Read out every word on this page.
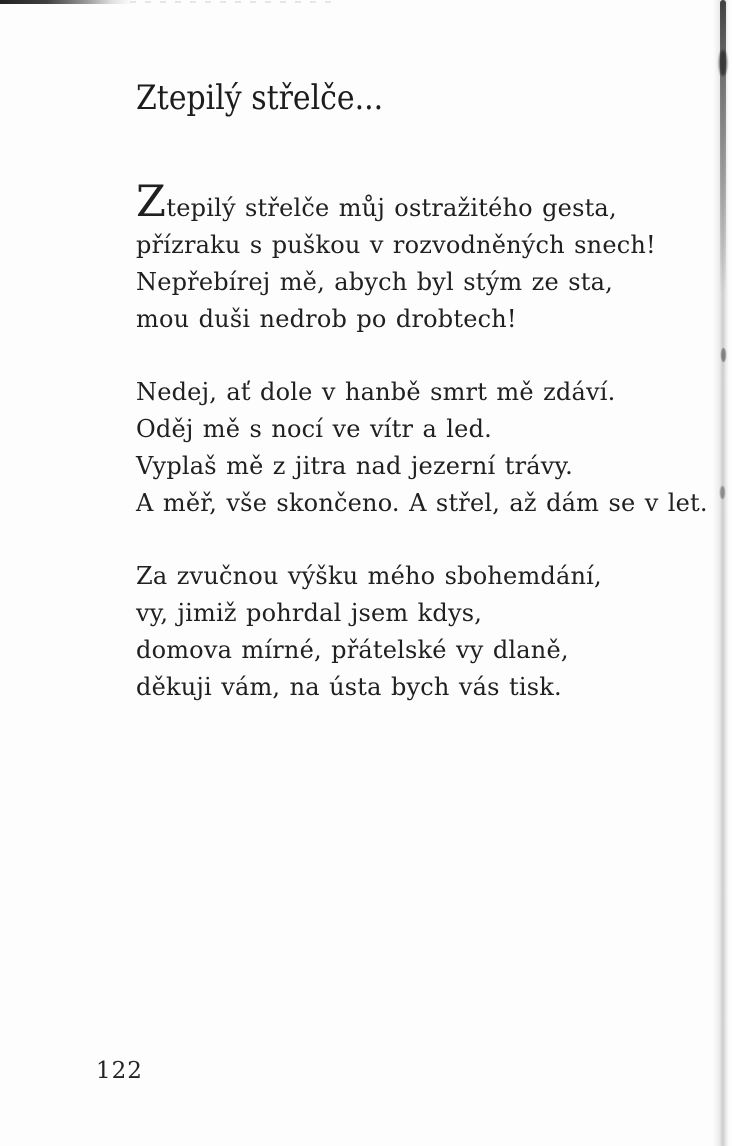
Ztepilý střelče...

Ztepilý střelče můj ostražitého gesta,

přízraku s puškou v rozvodněných snech!

Nepřebírej mě, abych byl stým ze sta,

mou duši nedrob po drobtech!

Nedej, ať dole v hanbě smrt mě zdáví.

Oděj mě s nocí ve vítr a led.

Vyplaš mě z jitra nad jezerní trávy.

A měř, vše skončeno. A střel, až dám se v let.

Za zvučnou výšku mého sbohemdání,

vy, jimiž pohrdal jsem kdys,

domova mírné, přátelské vy dlaně,

děkuji vám, na ústa bych vás tisk.

122
